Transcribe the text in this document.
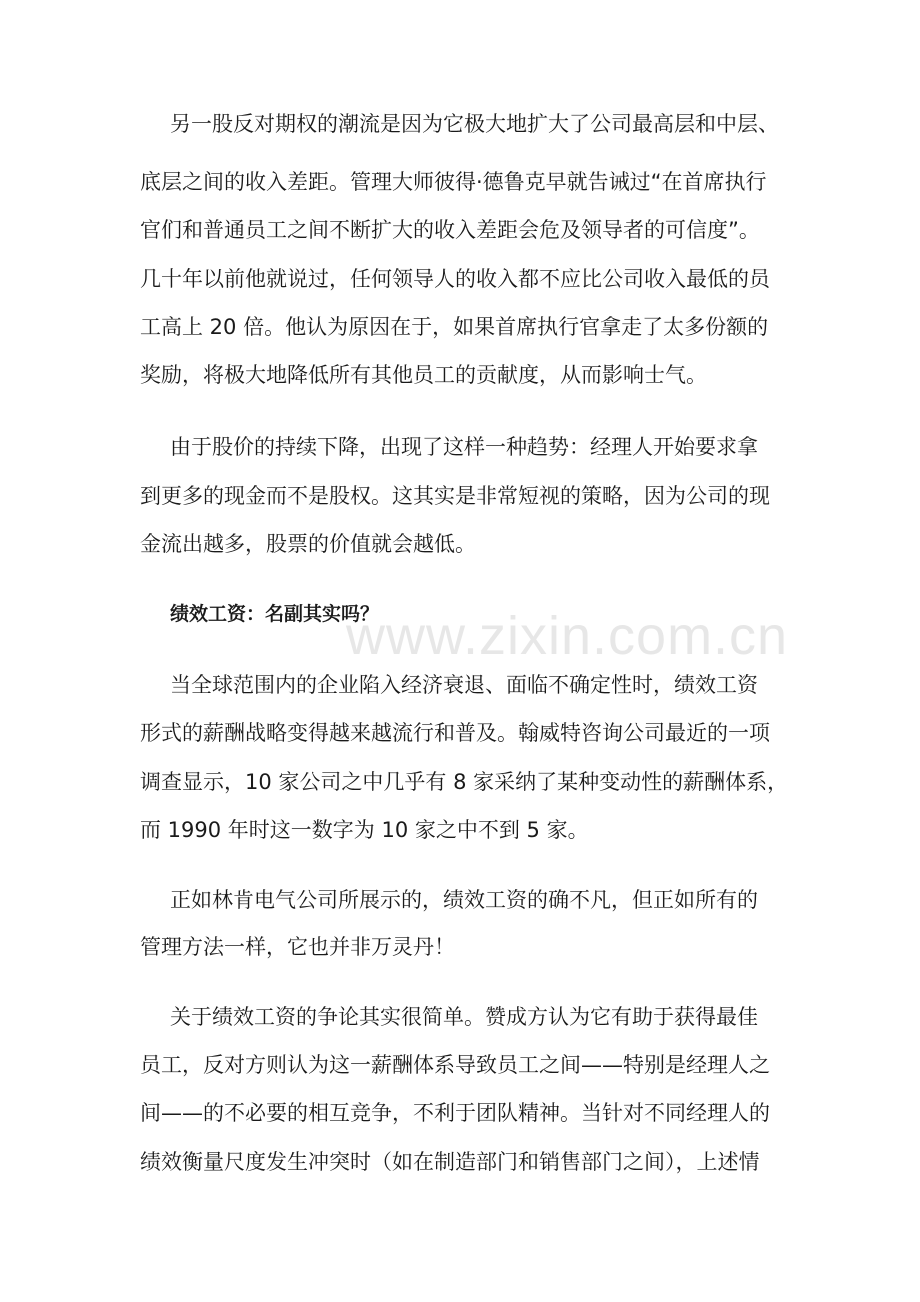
另一股反对期权的潮流是因为它极大地扩大了公司最高层和中层、
底层之间的收入差距。管理大师彼得·德鲁克早就告诫过“在首席执行
官们和普通员工之间不断扩大的收入差距会危及领导者的可信度”。
几十年以前他就说过，任何领导人的收入都不应比公司收入最低的员
工高上 20 倍。他认为原因在于，如果首席执行官拿走了太多份额的
奖励，将极大地降低所有其他员工的贡献度，从而影响士气。
由于股价的持续下降，出现了这样一种趋势：经理人开始要求拿
到更多的现金而不是股权。这其实是非常短视的策略，因为公司的现
金流出越多，股票的价值就会越低。
绩效工资：名副其实吗？
www.zixin.com.cn
当全球范围内的企业陷入经济衰退、面临不确定性时，绩效工资
形式的薪酬战略变得越来越流行和普及。翰威特咨询公司最近的一项
调查显示，10 家公司之中几乎有 8 家采纳了某种变动性的薪酬体系，
而 1990 年时这一数字为 10 家之中不到 5 家。
正如林肯电气公司所展示的，绩效工资的确不凡，但正如所有的
管理方法一样，它也并非万灵丹！
关于绩效工资的争论其实很简单。赞成方认为它有助于获得最佳
员工，反对方则认为这一薪酬体系导致员工之间——特别是经理人之
间——的不必要的相互竞争，不利于团队精神。当针对不同经理人的
绩效衡量尺度发生冲突时（如在制造部门和销售部门之间），上述情
